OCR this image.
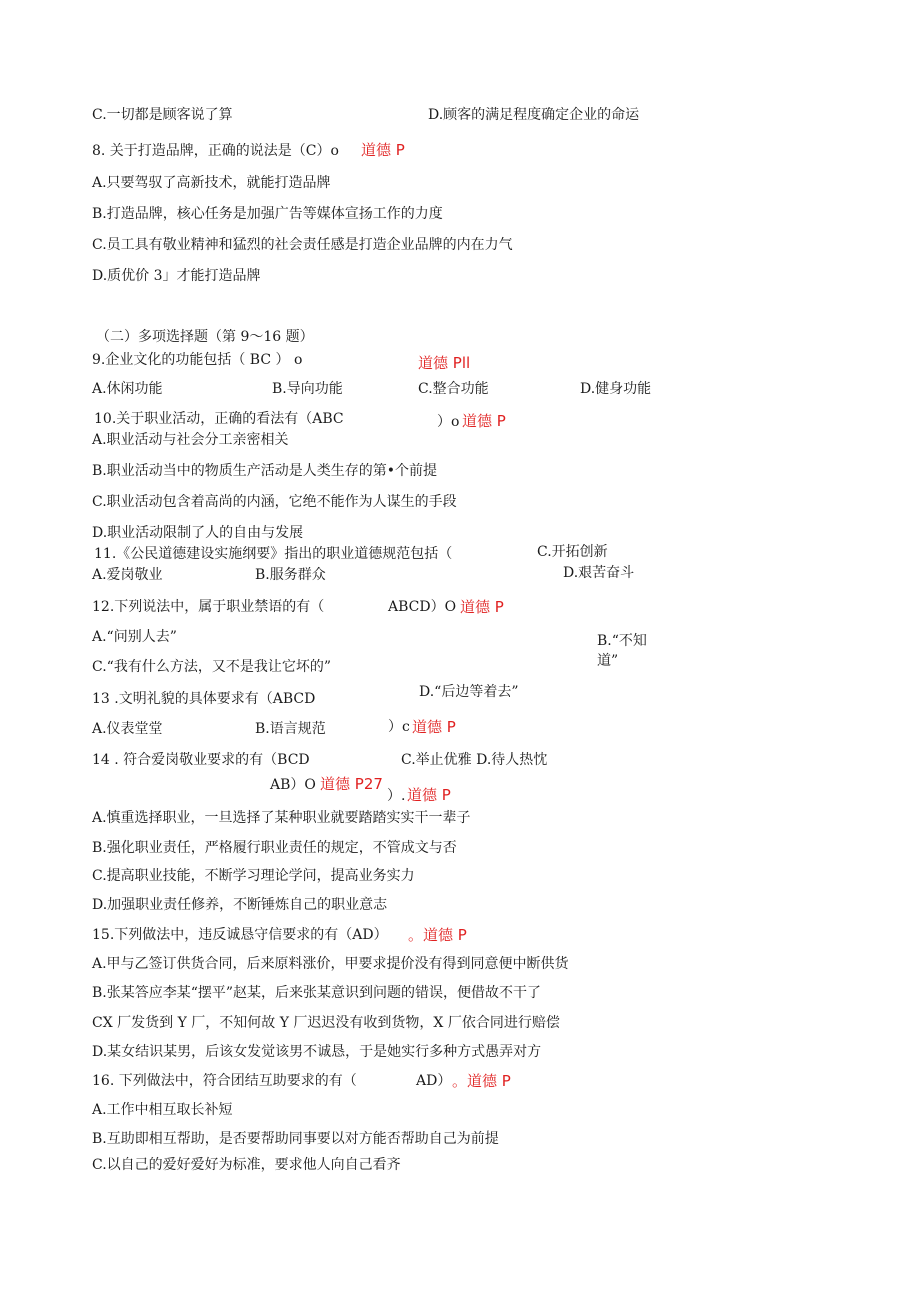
C.一切都是顾客说了算	D.顾客的满足程度确定企业的命运
8. 关于打造品牌，正确的说法是（C）o 道德 P
A.只要驾驭了高新技术，就能打造品牌
B.打造品牌，核心任务是加强广告等媒体宣扬工作的力度
C.员工具有敬业精神和猛烈的社会责任感是打造企业品牌的内在力气
D.质优价 3」才能打造品牌
（二）多项选择题（第 9～16 题）
9.企业文化的功能包括（ BC ） o	道德 Pll
A.休闲功能	B.导向功能	C.整合功能	D.健身功能
10.关于职业活动，正确的看法有（ABC	）o 道德 P
A.职业活动与社会分工亲密相关
B.职业活动当中的物质生产活动是人类生存的第•个前提
C.职业活动包含着高尚的内涵，它绝不能作为人谋生的手段
D.职业活动限制了人的自由与发展
11.《公民道德建设实施纲要》指出的职业道德规范包括（	C.开拓创新
A.爱岗敬业	B.服务群众	D.艰苦奋斗
12.下列说法中，属于职业禁语的有（	ABCD）O 道德 P
A.“问别人去”	B.“不知
道”
C.“我有什么方法，又不是我让它坏的”
13 .文明礼貌的具体要求有（ABCD	D.“后边等着去”
A.仪表堂堂	B.语言规范	）c 道德 P
14 . 符合爱岗敬业要求的有（BCD	C.举止优雅 D.待人热忱
AB）O 道德 P27
）. 道德 P
A.慎重选择职业，一旦选择了某种职业就要踏踏实实干一辈子
B.强化职业责任，严格履行职业责任的规定，不管成文与否
C.提高职业技能，不断学习理论学问，提高业务实力
D.加强职业责任修养，不断锤炼自己的职业意志
15.下列做法中，违反诚恳守信要求的有（AD） 。道德 P
A.甲与乙签订供货合同，后来原料涨价，甲要求提价没有得到同意便中断供货
B.张某答应李某“摆平”赵某，后来张某意识到问题的错误，便借故不干了
CX 厂发货到 Y 厂，不知何故 Y 厂迟迟没有收到货物，X 厂依合同进行赔偿
D.某女结识某男，后该女发觉该男不诚恳，于是她实行多种方式愚弄对方
16. 下列做法中，符合团结互助要求的有（	AD） 。道德 P
A.工作中相互取长补短
B.互助即相互帮助，是否要帮助同事要以对方能否帮助自己为前提
C.以自己的爱好爱好为标准，要求他人向自己看齐
